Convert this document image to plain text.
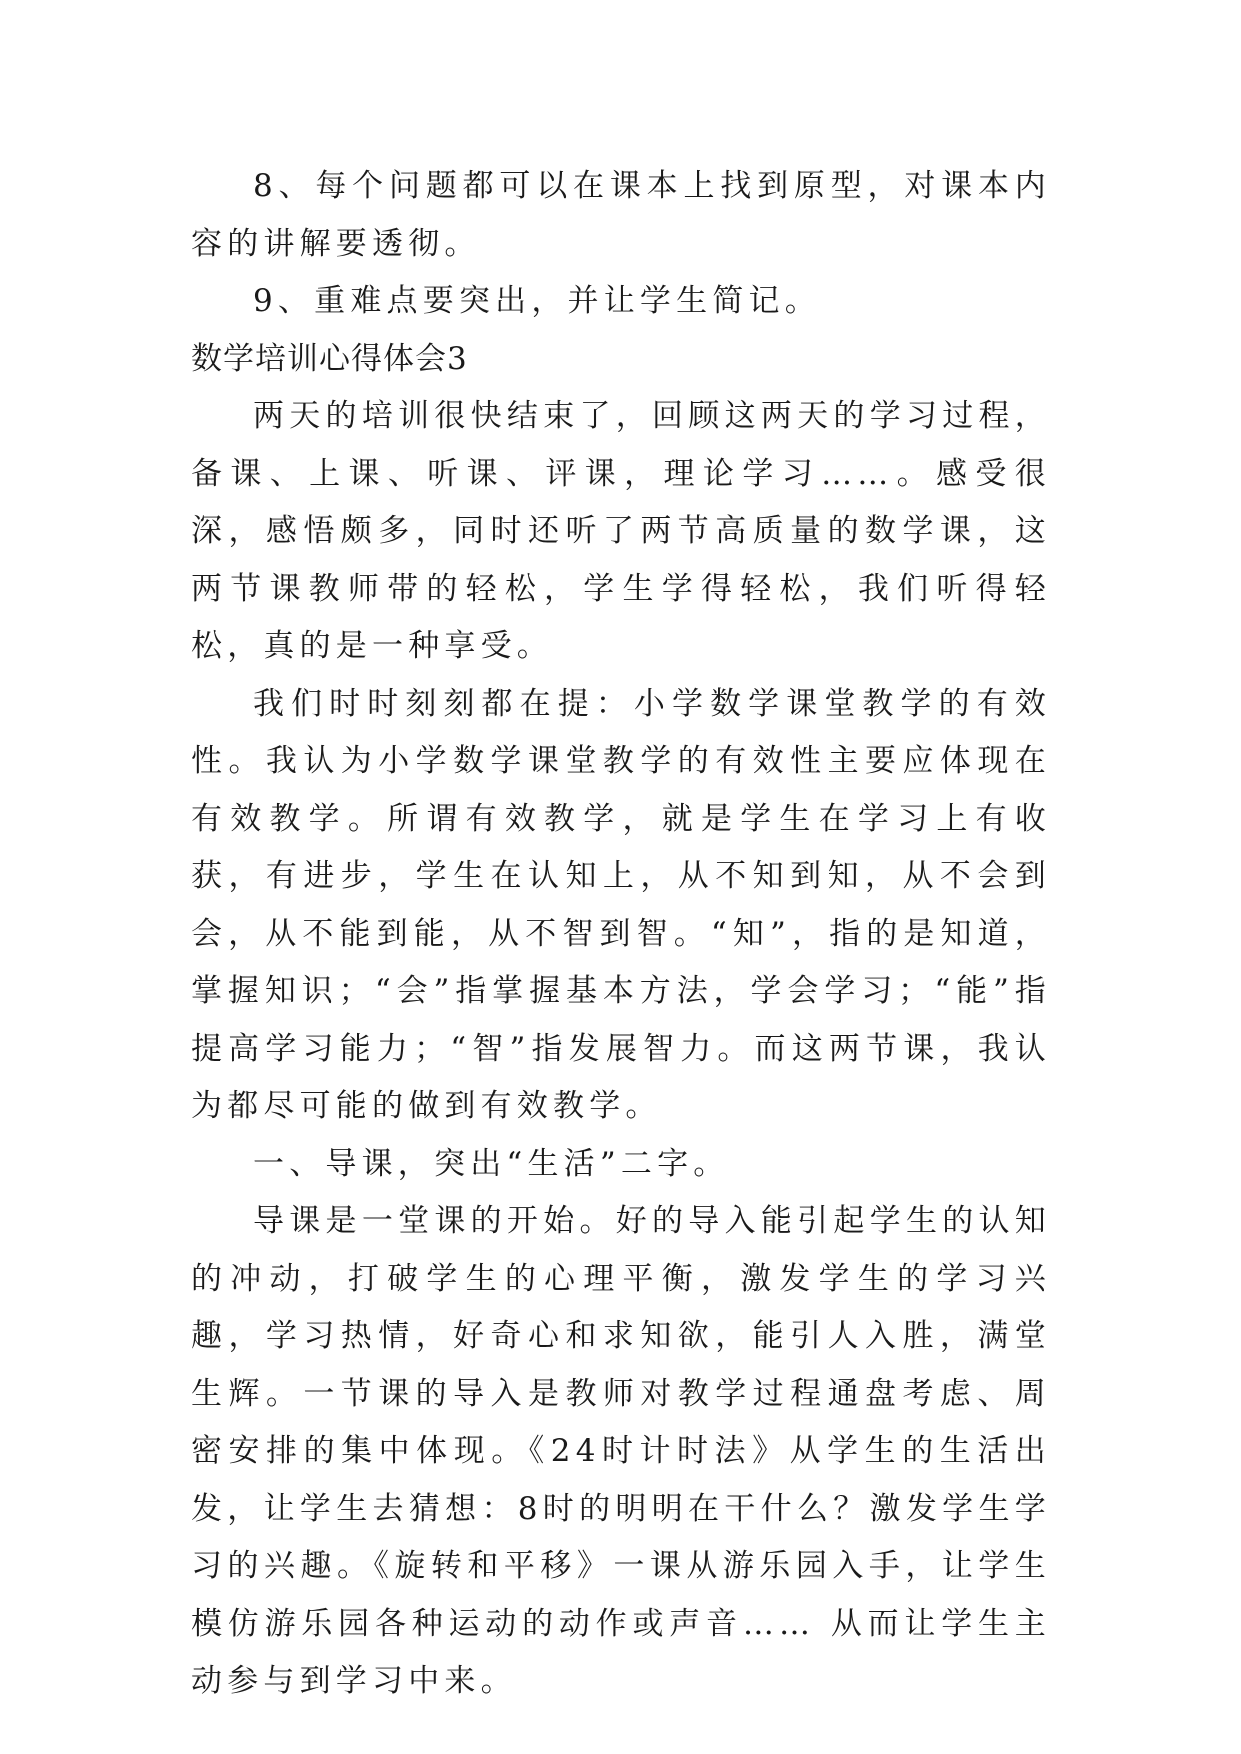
8、每个问题都可以在课本上找到原型，对课本内容的讲解要透彻。

9、重难点要突出，并让学生简记。

数学培训心得体会3

两天的培训很快结束了，回顾这两天的学习过程，备课、上课、听课、评课，理论学习……。感受很深，感悟颇多，同时还听了两节高质量的数学课，这两节课教师带的轻松，学生学得轻松，我们听得轻松，真的是一种享受。

我们时时刻刻都在提：小学数学课堂教学的有效性。我认为小学数学课堂教学的有效性主要应体现在有效教学。所谓有效教学，就是学生在学习上有收获，有进步，学生在认知上，从不知到知，从不会到会，从不能到能，从不智到智。“知”，指的是知道，掌握知识；“会”指掌握基本方法，学会学习；“能”指提高学习能力；“智”指发展智力。而这两节课，我认为都尽可能的做到有效教学。

一、导课，突出“生活”二字。

导课是一堂课的开始。好的导入能引起学生的认知的冲动，打破学生的心理平衡，激发学生的学习兴趣，学习热情，好奇心和求知欲，能引人入胜，满堂生辉。一节课的导入是教师对教学过程通盘考虑、周密安排的集中体现。《24时计时法》从学生的生活出发，让学生去猜想：8时的明明在干什么？激发学生学习的兴趣。《旋转和平移》一课从游乐园入手，让学生模仿游乐园各种运动的动作或声音…… 从而让学生主动参与到学习中来。
